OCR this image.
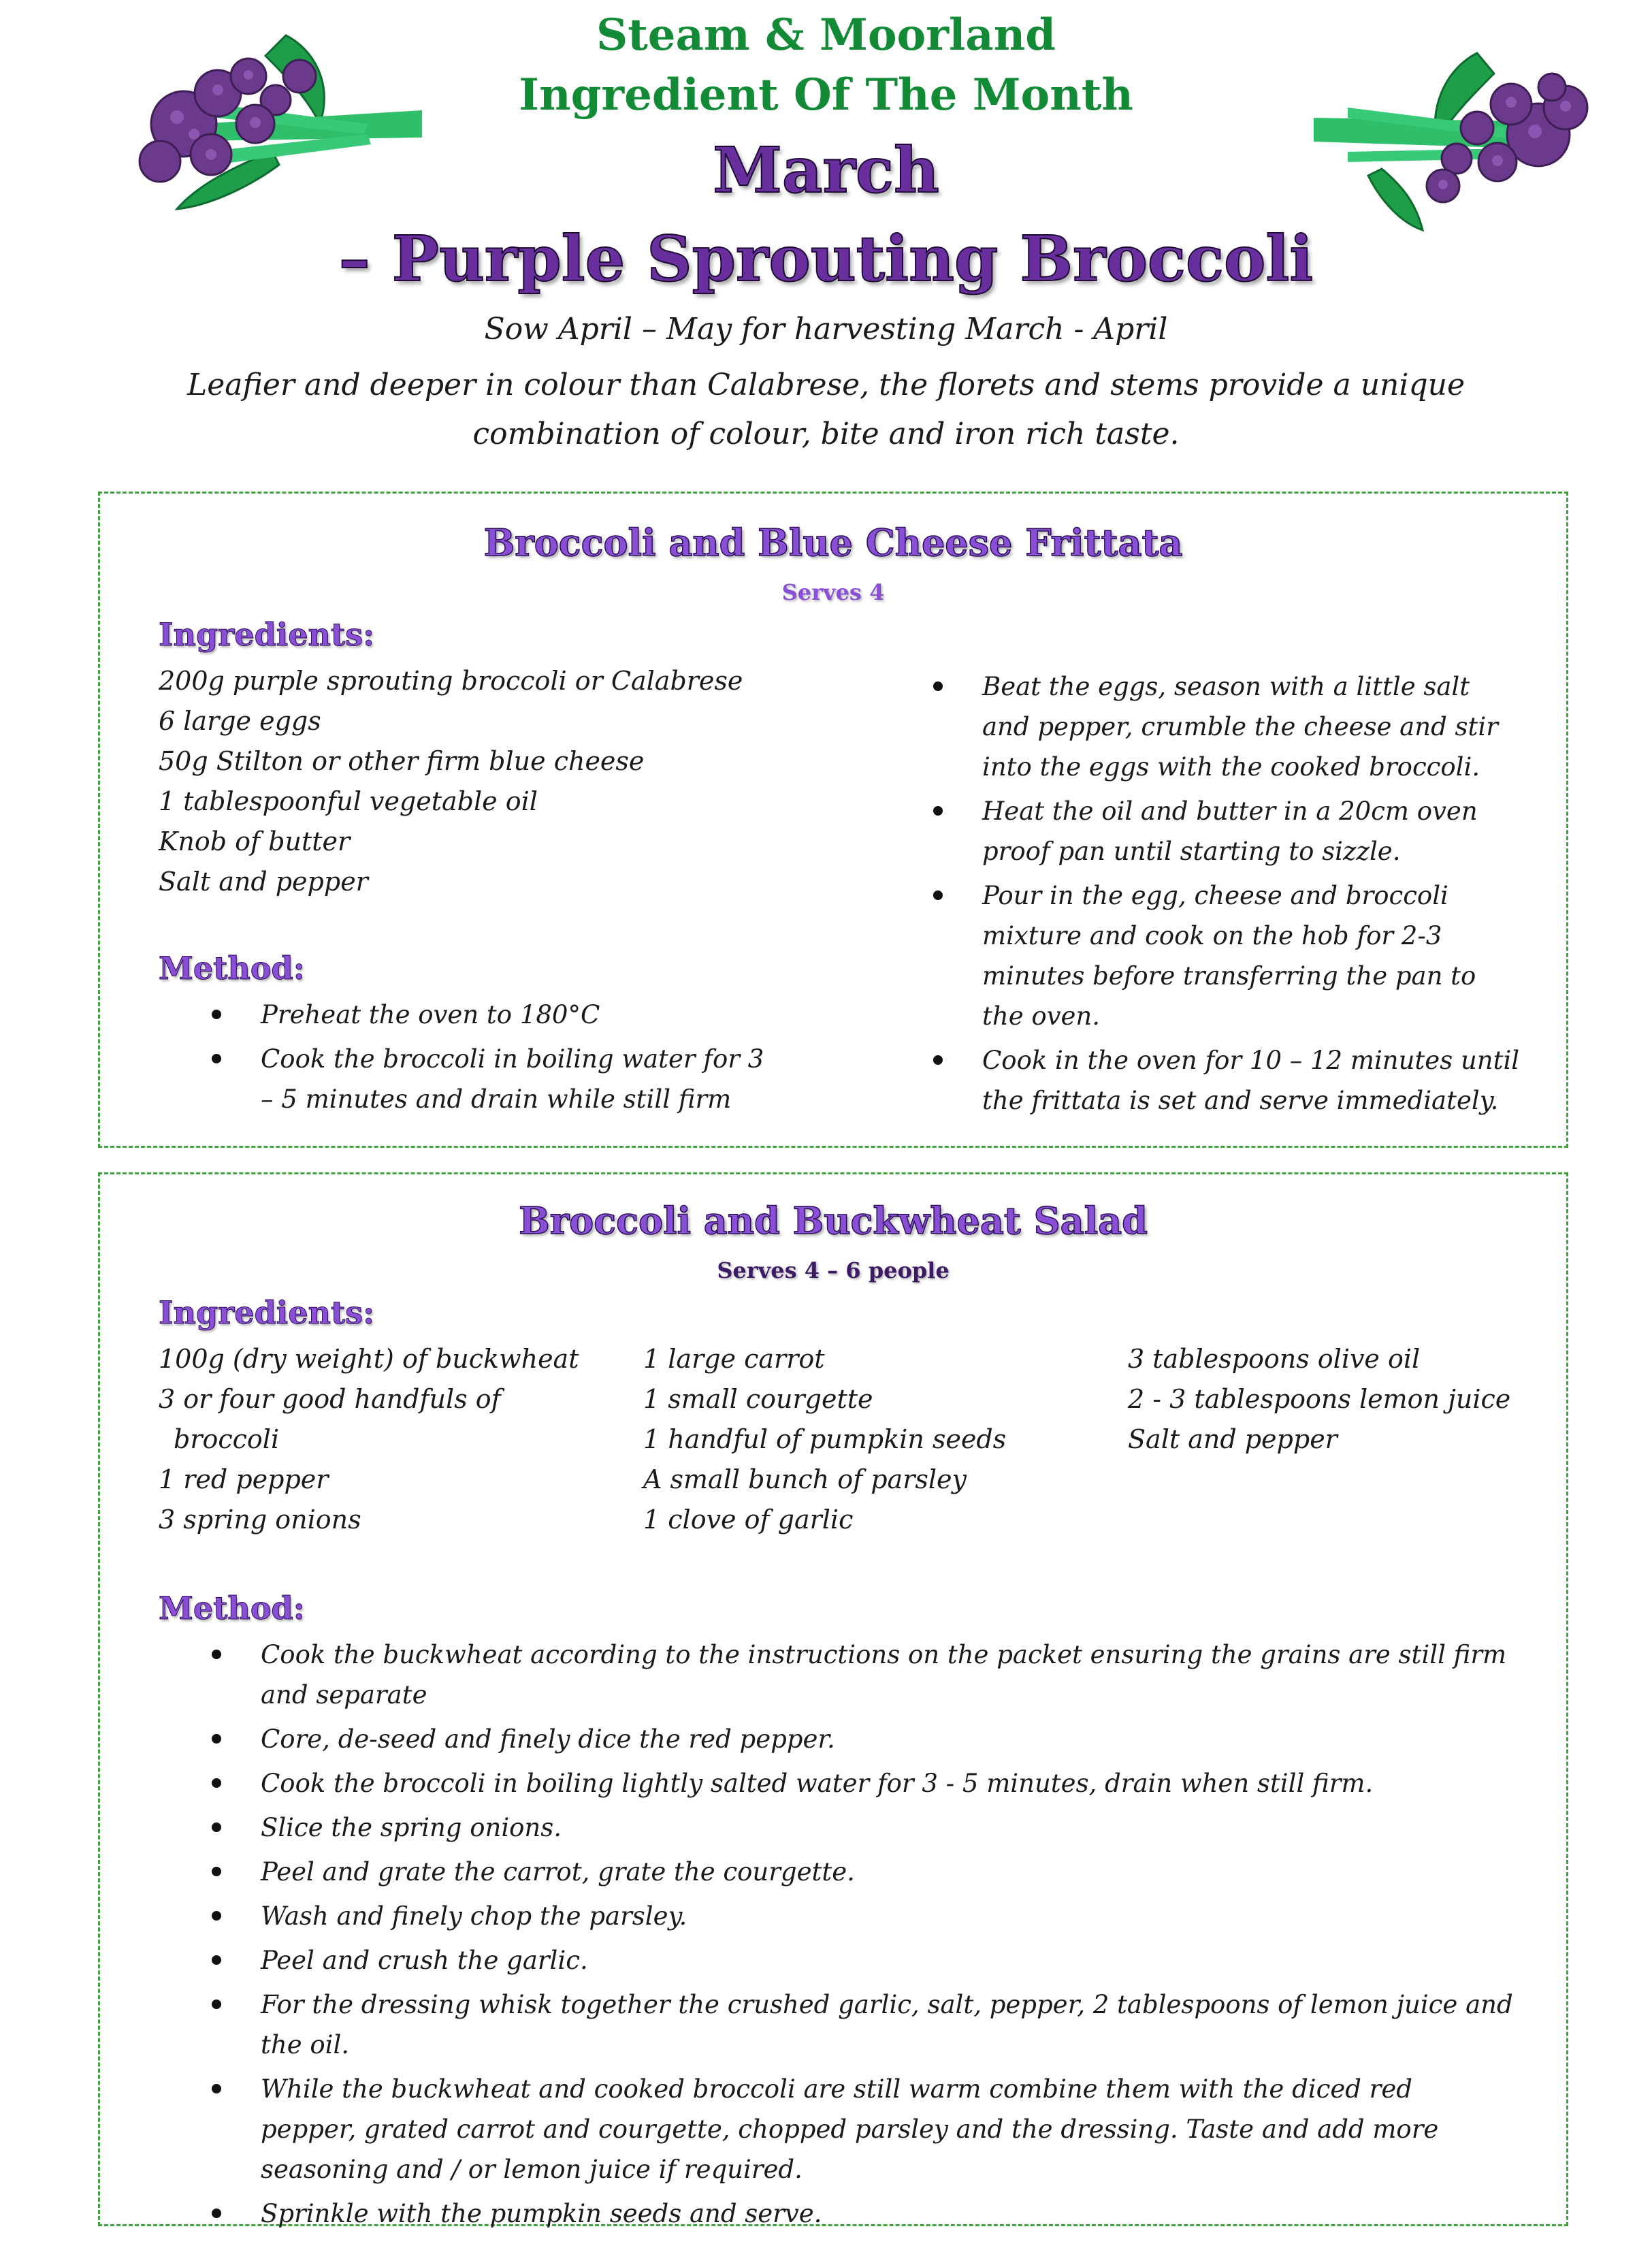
Steam & Moorland
Ingredient Of The Month
March
– Purple Sprouting Broccoli

Sow April – May for harvesting March - April

Leafier and deeper in colour than Calabrese, the florets and stems provide a unique combination of colour, bite and iron rich taste.

Broccoli and Blue Cheese Frittata
Serves 4
Ingredients:
200g purple sprouting broccoli or Calabrese
6 large eggs
50g Stilton or other firm blue cheese
1 tablespoonful vegetable oil
Knob of butter
Salt and pepper
Method:
Preheat the oven to 180°C
Cook the broccoli in boiling water for 3 – 5 minutes and drain while still firm
Beat the eggs, season with a little salt and pepper, crumble the cheese and stir into the eggs with the cooked broccoli.
Heat the oil and butter in a 20cm oven proof pan until starting to sizzle.
Pour in the egg, cheese and broccoli mixture and cook on the hob for 2-3 minutes before transferring the pan to the oven.
Cook in the oven for 10 – 12 minutes until the frittata is set and serve immediately.
Broccoli and Buckwheat Salad
Serves 4 – 6 people
Ingredients:
100g (dry weight) of buckwheat
3 or four good handfuls of
broccoli
1 red pepper
3 spring onions
1 large carrot
1 small courgette
1 handful of pumpkin seeds
A small bunch of parsley
1 clove of garlic
3 tablespoons olive oil
2 - 3 tablespoons lemon juice
Salt and pepper
Method:
Cook the buckwheat according to the instructions on the packet ensuring the grains are still firm and separate
Core, de-seed and finely dice the red pepper.
Cook the broccoli in boiling lightly salted water for 3 - 5 minutes, drain when still firm.
Slice the spring onions.
Peel and grate the carrot, grate the courgette.
Wash and finely chop the parsley.
Peel and crush the garlic.
For the dressing whisk together the crushed garlic, salt, pepper, 2 tablespoons of lemon juice and the oil.
While the buckwheat and cooked broccoli are still warm combine them with the diced red pepper, grated carrot and courgette, chopped parsley and the dressing. Taste and add more seasoning and / or lemon juice if required.
Sprinkle with the pumpkin seeds and serve.
